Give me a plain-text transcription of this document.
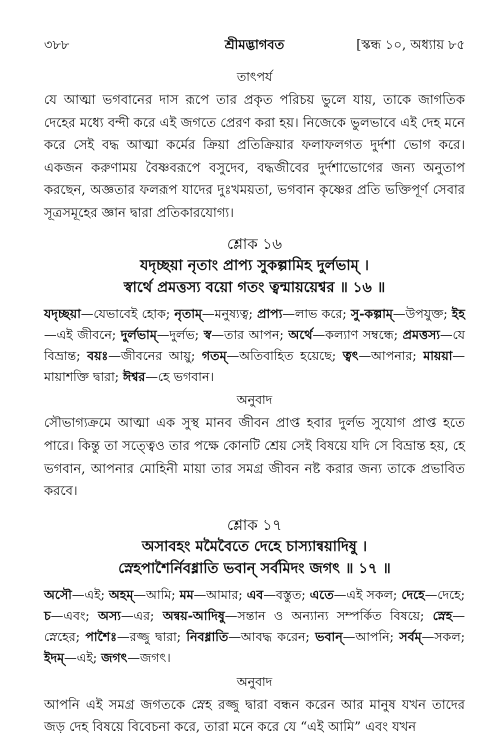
৩৮৮	শ্রীমদ্ভাগবত	[স্কন্ধ ১০, অধ্যায় ৮৫
তাৎপর্য

যে আত্মা ভগবানের দাস রূপে তার প্রকৃত পরিচয় ভুলে যায়, তাকে জাগতিক দেহের মধ্যে বন্দী করে এই জগতে প্রেরণ করা হয়। নিজেকে ভুলভাবে এই দেহ মনে করে সেই বদ্ধ আত্মা কর্মের ক্রিয়া প্রতিক্রিয়ার ফলাফলগত দুর্দশা ভোগ করে। একজন করুণাময় বৈষ্ণবরূপে বসুদেব, বদ্ধজীবের দুর্দশাভোগের জন্য অনুতাপ করছেন, অজ্ঞতার ফলরূপ যাদের দুঃখময়তা, ভগবান কৃষ্ণের প্রতি ভক্তিপূর্ণ সেবার সূত্রসমূহের জ্ঞান দ্বারা প্রতিকারযোগ্য।

শ্লোক ১৬

যদৃচ্ছয়া নৃতাং প্রাপ্য সুকল্পামিহ দুর্লভাম্ ।

স্বার্থে প্রমত্তস্য বয়ো গতং ত্বন্মায়য়েশ্বর ॥ ১৬ ॥

যদৃচ্ছয়া—যেভাবেই হোক; নৃতাম্—মনুষ্যত্ব; প্রাপ্য—লাভ করে; সু-কল্পাম্—উপযুক্ত; ইহ—এই জীবনে; দুর্লভাম্—দুর্লভ; স্ব—তার আপন; অর্থে—কল্যাণ সম্বন্ধে; প্রমত্তস্য—যে বিভ্রান্ত; বয়ঃ—জীবনের আয়ু; গতম্—অতিবাহিত হয়েছে; ত্বৎ—আপনার; মায়য়া—মায়াশক্তি দ্বারা; ঈশ্বর—হে ভগবান।

অনুবাদ

সৌভাগ্যক্রমে আত্মা এক সুস্থ মানব জীবন প্রাপ্ত হবার দুর্লভ সুযোগ প্রাপ্ত হতে পারে। কিন্তু তা সত্ত্বেও তার পক্ষে কোনটি শ্রেয় সেই বিষয়ে যদি সে বিভ্রান্ত হয়, হে ভগবান, আপনার মোহিনী মায়া তার সমগ্র জীবন নষ্ট করার জন্য তাকে প্রভাবিত করবে।

শ্লোক ১৭

অসাবহং মমৈবৈতে দেহে চাস্যান্বয়াদিষু ।

স্নেহপাশৈর্নিবধ্নাতি ভবান্ সর্বমিদং জগৎ ॥ ১৭ ॥

অসৌ—এই; অহম্—আমি; মম—আমার; এব—বস্তুত; এতে—এই সকল; দেহে—দেহে; চ—এবং; অস্য—এর; অন্বয়-আদিষু—সন্তান ও অন্যান্য সম্পর্কিত বিষয়ে; স্নেহ—স্নেহের; পাশৈঃ—রজ্জু দ্বারা; নিবধ্নাতি—আবদ্ধ করেন; ভবান্—আপনি; সর্বম্—সকল; ইদম্—এই; জগৎ—জগৎ।

অনুবাদ

আপনি এই সমগ্র জগতকে স্নেহ রজ্জু দ্বারা বন্ধন করেন আর মানুষ যখন তাদের জড় দেহ বিষয়ে বিবেচনা করে, তারা মনে করে যে “এই আমি” এবং যখন
